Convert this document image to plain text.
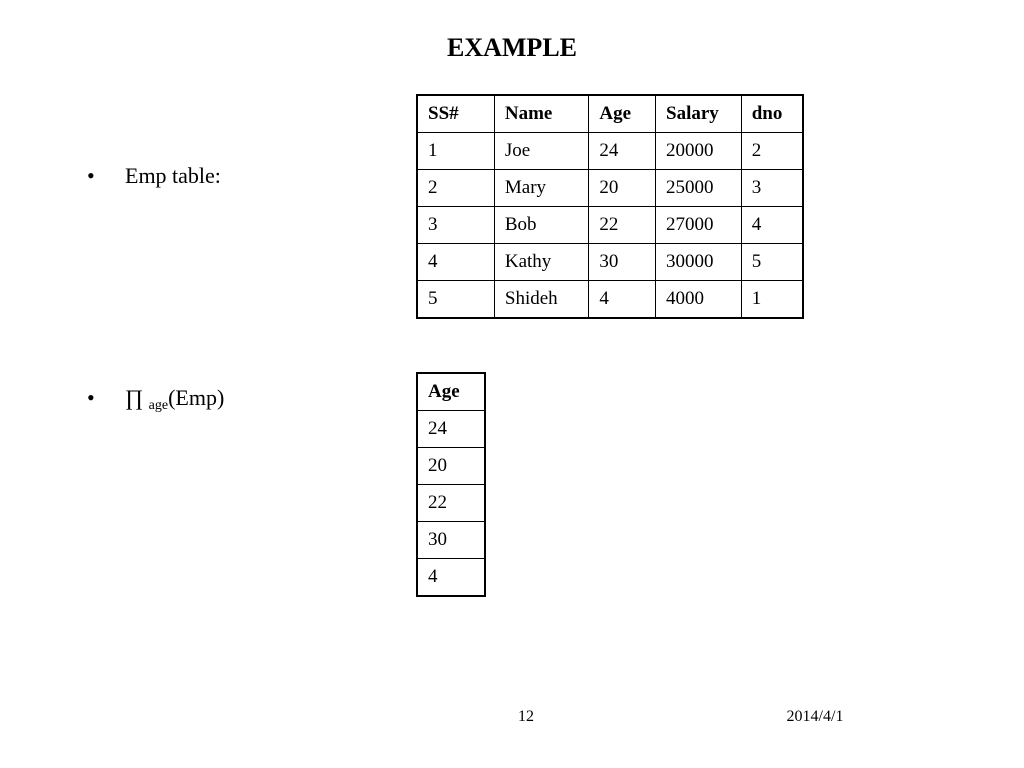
EXAMPLE
• Emp table:
• ∏ age(Emp)
SS#	Name	Age	Salary	dno
1	Joe	24	20000	2
2	Mary	20	25000	3
3	Bob	22	27000	4
4	Kathy	30	30000	5
5	Shideh	4	4000	1
Age
24
20
22
30
4
12	2014/4/1
